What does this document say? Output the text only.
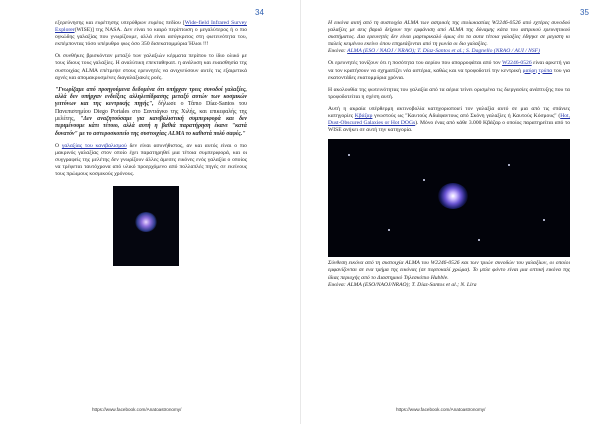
34

εξερεύνησης και ευρέτησης υπερύθρων ευρέος πεδίου [Wide-field Infrared Survey Explorer(WISE)] της NASA. Δεν είναι το καιρό περίπτωση ο μεγαλύτερος ή ο πιο ογκώδης γαλαξίας που γνωρίζουμε, αλλά είναι ασύγκριτος στη φωτεινότητα του, εκπέμποντας τόσο υπέρυθρο φως όσο 350 δισεκατομμύρια Ήλιοι !!!

Οι συνθήκες βρισκόνταν μεταξύ των γαλαξιών κέρματα περίπου το ίδιο ολικό με τους ίδιους τους γαλαξίες. Η αναλύτικη επεκταθηκατ. η ανάλυση και ευαισθησία της συστοιχίας ALMA επέτρεψε στους ερευνητές να ανιχνεύσουν αυτές τις εξαιρετικά αχνές και απομακρυσμένες διαγαλαξιακές ροές.

"Γνωρίζαμε από προηγούμενα δεδομένα ότι υπήρχαν τρεις συνοδοί γαλαξίες, αλλά δεν υπήρχαν ενδείξεις αλληλεπίδρασης μεταξύ αυτών των κοσμικών γειτόνων και της κεντρικής πηγής", δήλωσε ο Τάπιο Díaz-Santos του Πανεπιστημίου Diego Portales στο Σαντιάγκο της Χιλής, και επικεφαλής της μελέτης, "Δεν αναζητούσαμε για κανιβαλιστική συμπεριφορά και δεν περιμένουμε κάτι τέτοιο, αλλά αυτή η βαθιά παρατήρηση έκανε "κατά δυνατόν" με το αστεροσκοπείο της συστοιχίας ALMA το καθιστά πολύ σαφές."

Ο γαλαξίας του κανιβαλισμού δεν είναι ασυνήθιστος, αν και αυτός είναι ο πιο μακρινός γαλαξίας στον οποίο έχει παρατηρηθεί μια τέτοια συμπεριφορά, και οι συγγραφείς της μελέτης δεν γνωρίζουν άλλες άμεσες εικόνες ενός γαλαξία ο οποίος να τρέφεται ταυτόχρονα από υλικό προερχόμενο από πολλαπλές πηγές σε εκείνους τους πρώιμους κοσμικούς χρόνους.

https://www.facebook.com/Anatoastronomy/
35

Η εικόνα αυτή από τη συστοιχία ALMA των αστρικές της ιποίωκιατίας W2246-0526 από εχτέρες συνοδού γαλαξίες με σεις βαριά δείχουν την εμφάνιση από ALMA της δύναμης κάτα του αστρικού ερευνητικού συστήματος. Δια ερευνητές δεν είναι μαρτυρικαλό όμως ότι τα αυτα τέτοια γαλαξίες έδηηκε σε μεγιστη κι παλείς κειμένου εκείνο όπου επηρεάζονται από τη γωνία οι διο γαλαξίες.
Εικόνα: ALMA (ESO / NAOJ / NRAO); T. Díaz-Santos et al.; S. Dagnello (NRAO / AUI / NSF)

Οι ερευνητές τονίζουν ότι η ποσότητα του αερίου που απορροφάται από τον W2246-0526 είναι αρκετή για να τον κρατήσουν να σχηματίζει νέα αστέρια, καθώς και να τροφοδοτεί την κεντρική μαύρη τρύπα του για εκατοντάδες εκατομμύρια χρόνια.

Η ακολουθία της φωτεινότητας του γαλαξία από τα αέρια τείνει ορισμένα τις διεργασίες ανάπτυξης που τα τροφοδοτείται η σχέση αυτή.

Αυτή η ακραία υπέρθερμη ακτινοβολία κατηγοριοποιεί τον γαλαξία αυτό σε μια από τις σπάνιες κατηγορίες Κβάζαρ γνωστούς ως "Καυτούς Αδιάφαντους από Σκόνη γαλαξίες ή Καυτούς Κόσμους" (Hot, Dust-Obscured Galaxies or Hot DOGs). Μόνο ένας από κάθε 3.000 Κβάζαρ ο οποίος παρατηρείται από το WISE ανήκει σε αυτή την κατηγορία.

Σύνθεση εικόνα από τη συστοιχία ALMA του W2246-0526 και των τριών συνοδών του γαλαξίων, οι οποίοι εμφανίζονται σε ενα τμήμα της εικόνας (σε πορτοκαλί χρώμα). Το μπλε φόντο είναι μια οπτική εικόνα της ίδιας περιοχής από το Διαστημικό Τηλεσκόπιο Hubble.
Εικόνα: ALMA (ESO/NAOJ/NRAO); T. Díaz-Santos et al.; N. Lira

https://www.facebook.com/Anatoastronomy/
